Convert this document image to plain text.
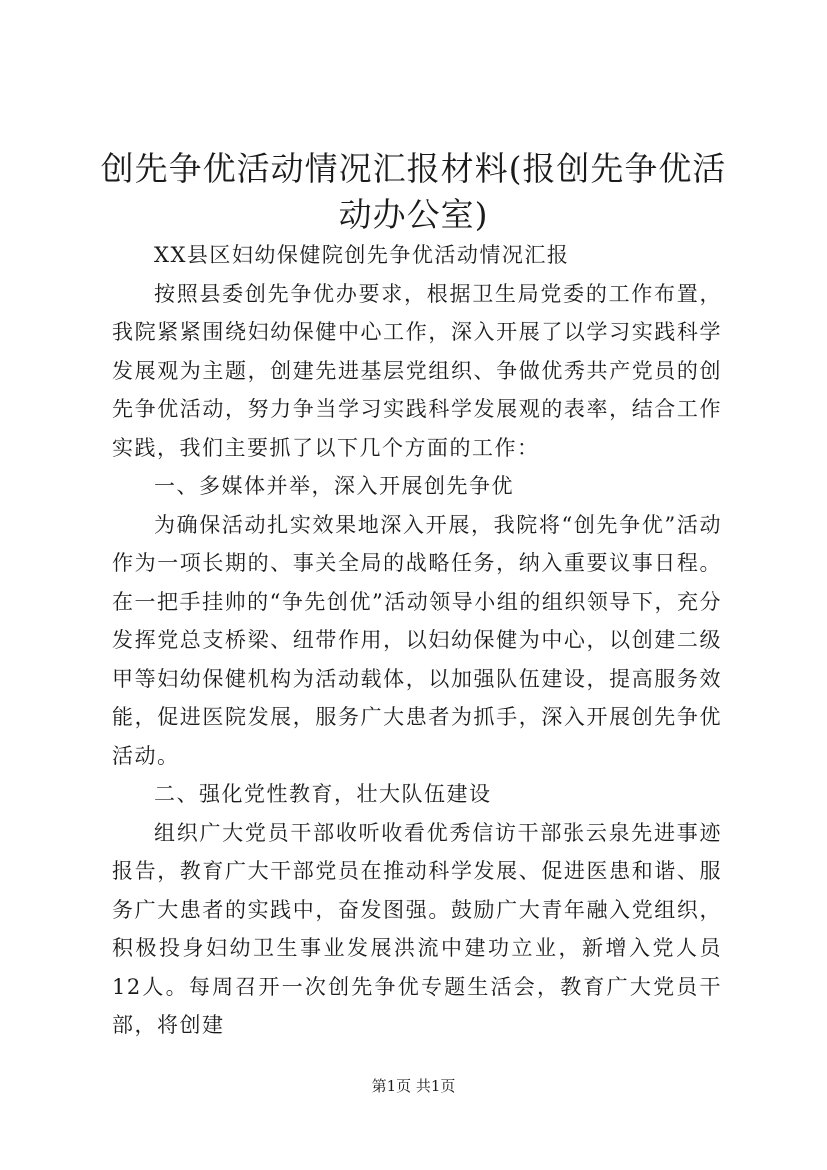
创先争优活动情况汇报材料(报创先争优活动办公室)

XX县区妇幼保健院创先争优活动情况汇报

按照县委创先争优办要求，根据卫生局党委的工作布置，我院紧紧围绕妇幼保健中心工作，深入开展了以学习实践科学发展观为主题，创建先进基层党组织、争做优秀共产党员的创先争优活动，努力争当学习实践科学发展观的表率，结合工作实践，我们主要抓了以下几个方面的工作：

一、多媒体并举，深入开展创先争优

为确保活动扎实效果地深入开展，我院将“创先争优”活动作为一项长期的、事关全局的战略任务，纳入重要议事日程。在一把手挂帅的“争先创优”活动领导小组的组织领导下，充分发挥党总支桥梁、纽带作用，以妇幼保健为中心，以创建二级甲等妇幼保健机构为活动载体，以加强队伍建设，提高服务效能，促进医院发展，服务广大患者为抓手，深入开展创先争优活动。

二、强化党性教育，壮大队伍建设

组织广大党员干部收听收看优秀信访干部张云泉先进事迹报告，教育广大干部党员在推动科学发展、促进医患和谐、服务广大患者的实践中，奋发图强。鼓励广大青年融入党组织，积极投身妇幼卫生事业发展洪流中建功立业，新增入党人员12人。每周召开一次创先争优专题生活会，教育广大党员干部，将创建

第1页 共1页
